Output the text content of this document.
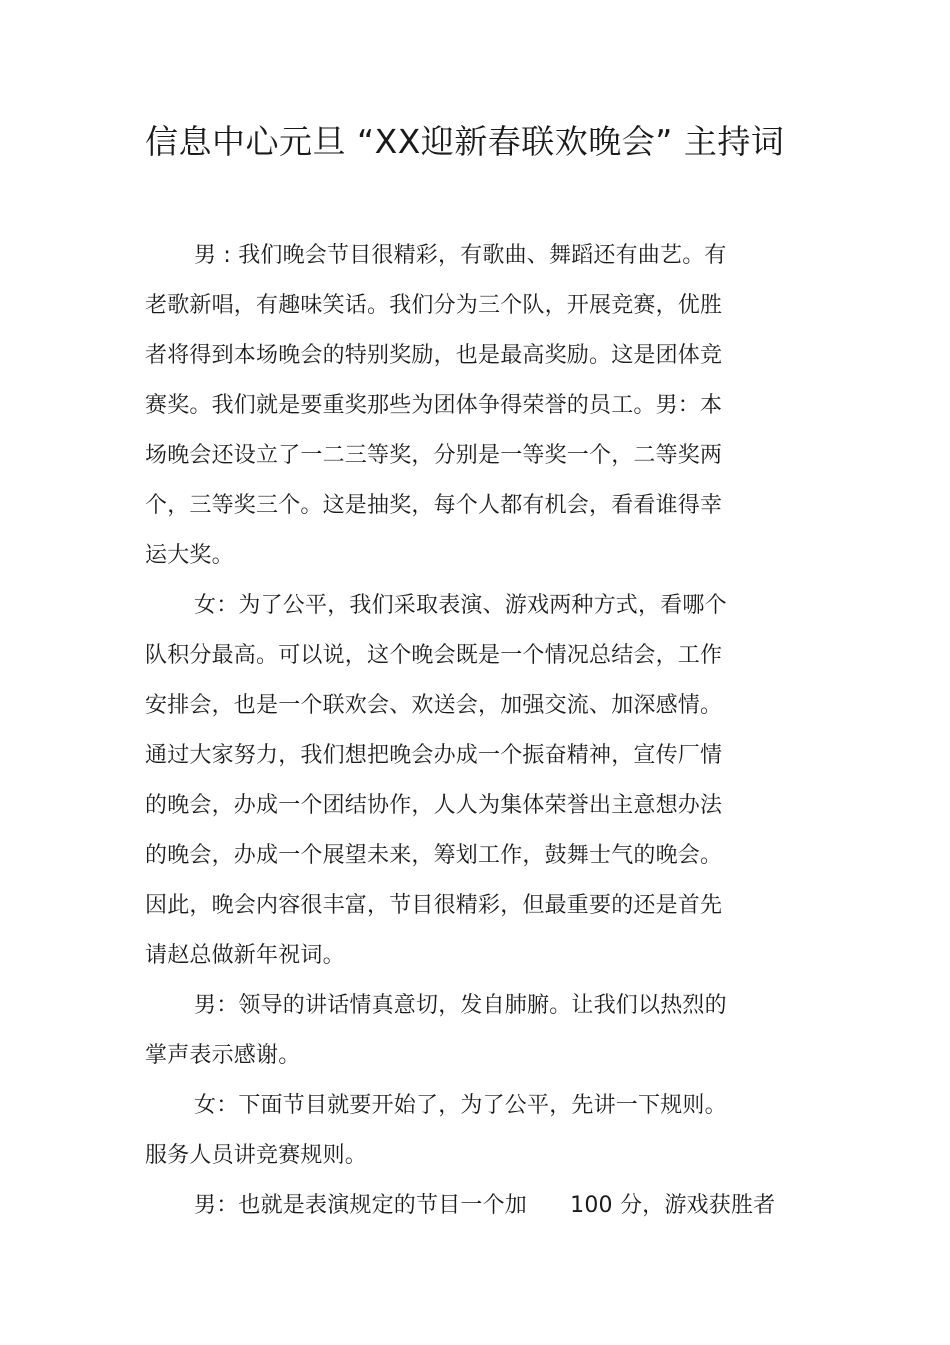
信息中心元旦 “XX迎新春联欢晚会” 主持词
男 : 我们晚会节目很精彩，有歌曲、舞蹈还有曲艺。有
老歌新唱，有趣味笑话。我们分为三个队，开展竞赛，优胜
者将得到本场晚会的特别奖励，也是最高奖励。这是团体竞
赛奖。我们就是要重奖那些为团体争得荣誉的员工。男：本
场晚会还设立了一二三等奖，分别是一等奖一个，二等奖两
个，三等奖三个。这是抽奖，每个人都有机会，看看谁得幸
运大奖。
女：为了公平，我们采取表演、游戏两种方式，看哪个
队积分最高。可以说，这个晚会既是一个情况总结会，工作
安排会，也是一个联欢会、欢送会，加强交流、加深感情。
通过大家努力，我们想把晚会办成一个振奋精神，宣传厂情
的晚会，办成一个团结协作，人人为集体荣誉出主意想办法
的晚会，办成一个展望未来，筹划工作，鼓舞士气的晚会。
因此，晚会内容很丰富，节目很精彩，但最重要的还是首先
请赵总做新年祝词。
男：领导的讲话情真意切，发自肺腑。让我们以热烈的
掌声表示感谢。
女：下面节目就要开始了，为了公平，先讲一下规则。
服务人员讲竞赛规则。
男：也就是表演规定的节目一个加      100 分，游戏获胜者
